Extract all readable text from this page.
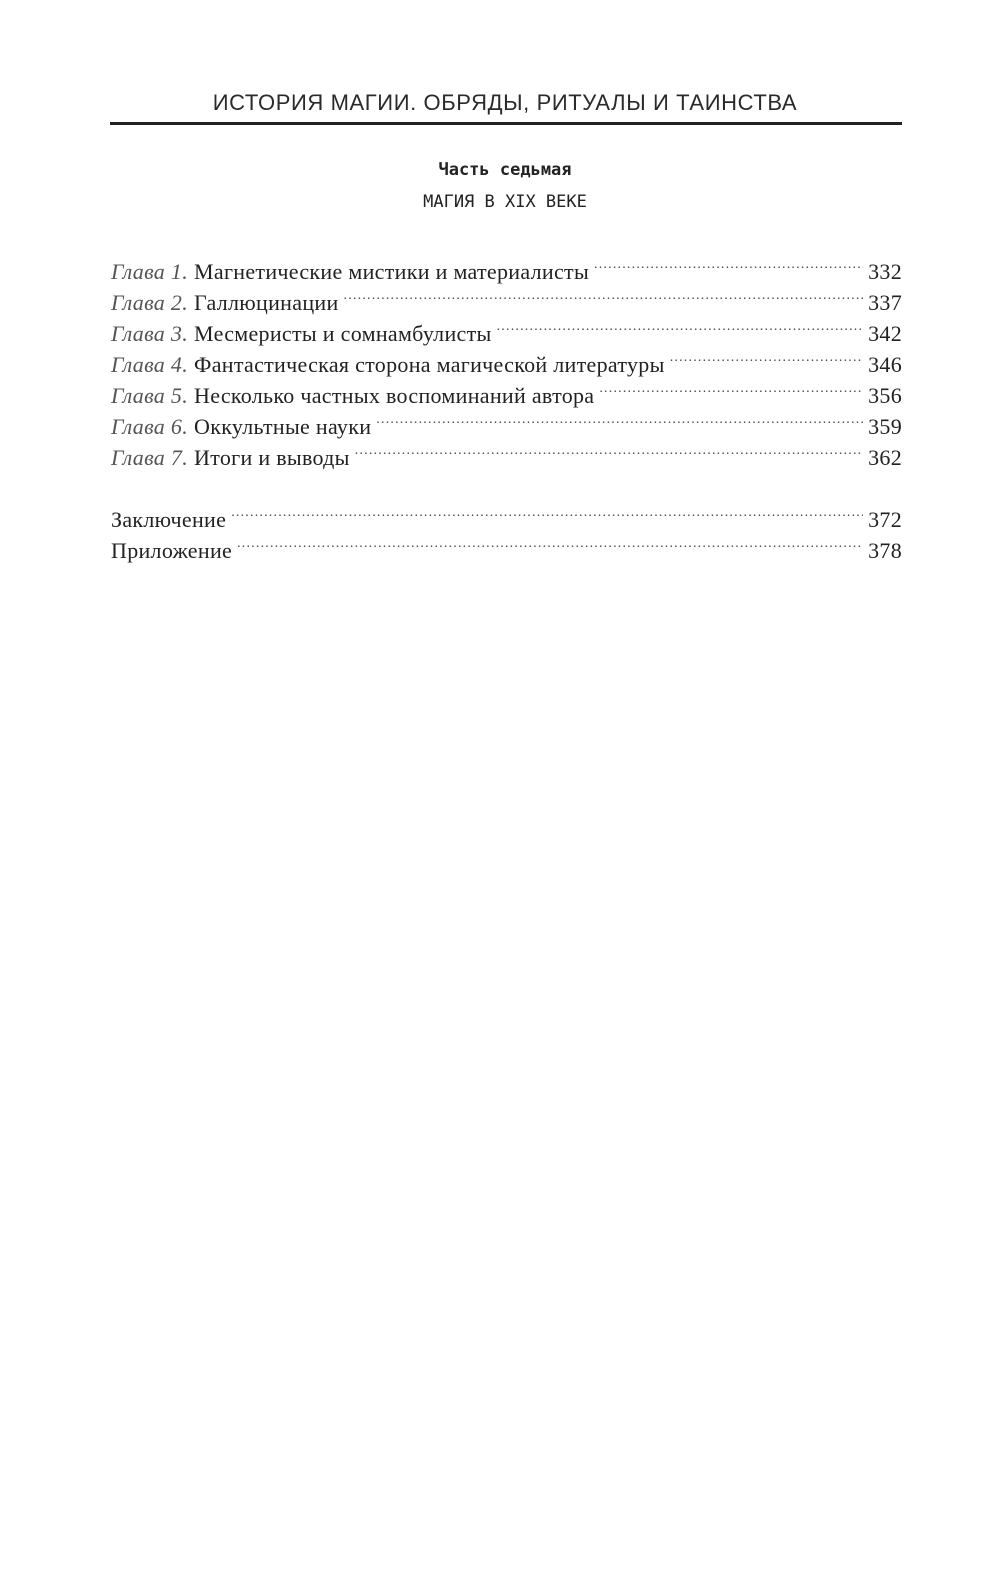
ИСТОРИЯ МАГИИ. ОБРЯДЫ, РИТУАЛЫ И ТАИНСТВА
Часть седьмая
МАГИЯ В XIX ВЕКЕ
Глава 1. Магнетические мистики и материалисты .....	332
Глава 2. Галлюцинации .....	337
Глава 3. Месмеристы и сомнамбулисты .....	342
Глава 4. Фантастическая сторона магической литературы .....	346
Глава 5. Несколько частных воспоминаний автора .....	356
Глава 6. Оккультные науки .....	359
Глава 7. Итоги и выводы .....	362
Заключение .....	372
Приложение .....	378
